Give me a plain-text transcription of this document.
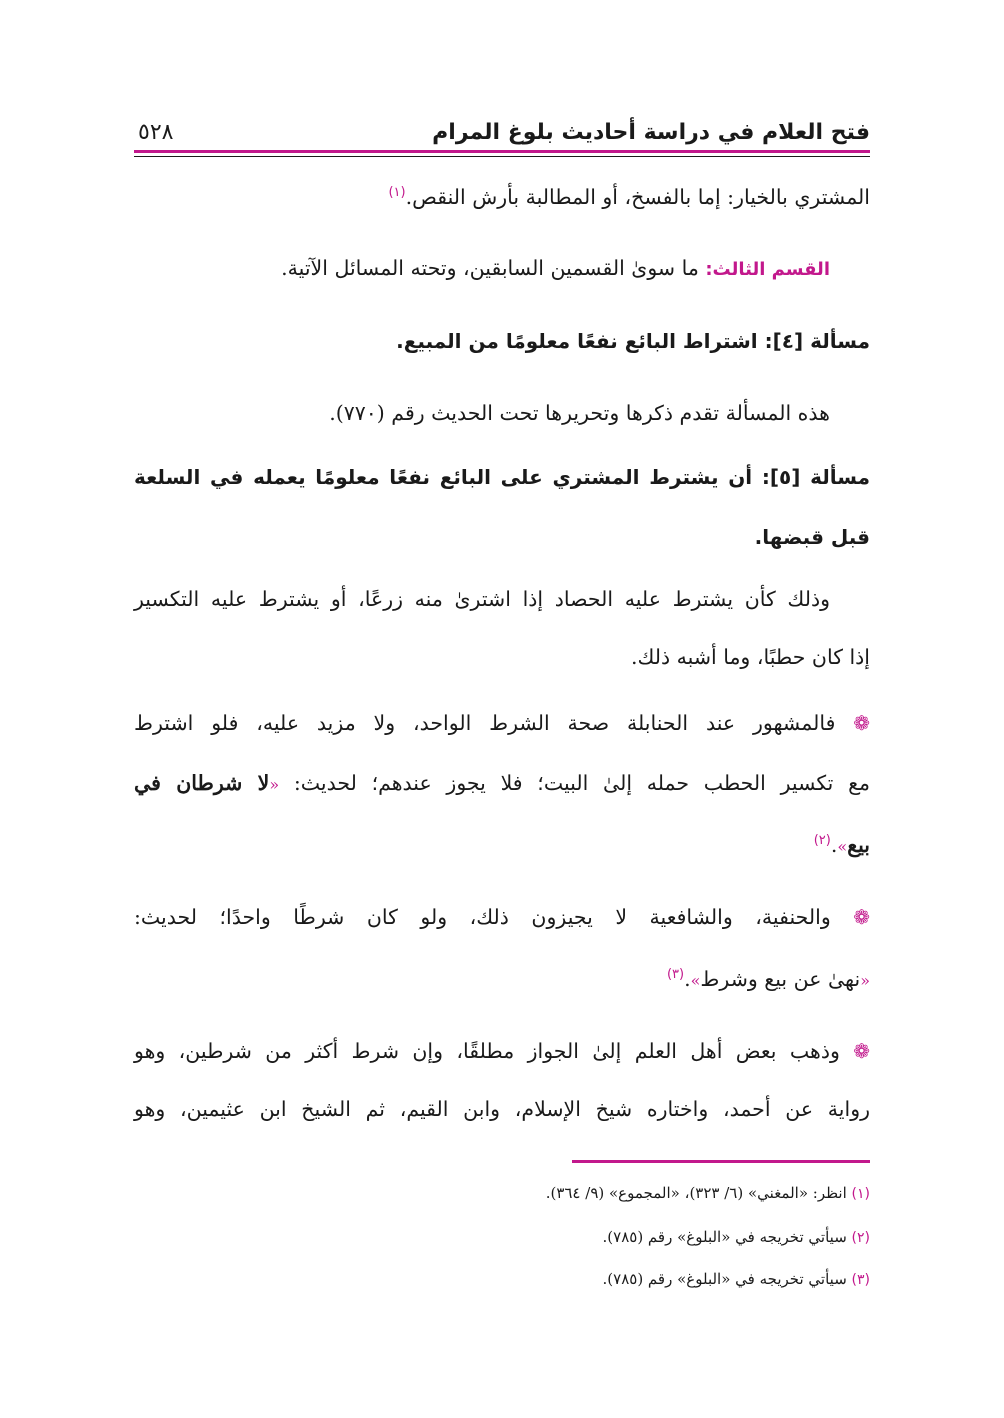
فتح العلام في دراسة أحاديث بلوغ المرام
٥٢٨
المشتري بالخيار: إما بالفسخ، أو المطالبة بأرش النقص.$^{(١)}$
القسم الثالث: ما سوىٰ القسمين السابقين، وتحته المسائل الآتية.
مسألة [٤]: اشتراط البائع نفعًا معلومًا من المبيع.
هذه المسألة تقدم ذكرها وتحريرها تحت الحديث رقم (٧٧٠).
مسألة [٥]: أن يشترط المشتري على البائع نفعًا معلومًا يعمله في السلعة
قبل قبضها.
وذلك كأن يشترط عليه الحصاد إذا اشترىٰ منه زرعًا، أو يشترط عليه التكسير
إذا كان حطبًا، وما أشبه ذلك.
❁ فالمشهور عند الحنابلة صحة الشرط الواحد، ولا مزيد عليه، فلو اشترط
مع تكسير الحطب حمله إلىٰ البيت؛ فلا يجوز عندهم؛ لحديث: «لا شرطان في
بيع».$^{(٢)}$
❁ والحنفية، والشافعية لا يجيزون ذلك، ولو كان شرطًا واحدًا؛ لحديث:
«نهىٰ عن بيع وشرط».$^{(٣)}$
❁ وذهب بعض أهل العلم إلىٰ الجواز مطلقًا، وإن شرط أكثر من شرطين، وهو
رواية عن أحمد، واختاره شيخ الإسلام، وابن القيم، ثم الشيخ ابن عثيمين، وهو
(١) انظر: «المغني» (٦/ ٣٢٣)، «المجموع» (٩/ ٣٦٤).
(٢) سيأتي تخريجه في «البلوغ» رقم (٧٨٥).
(٣) سيأتي تخريجه في «البلوغ» رقم (٧٨٥).
